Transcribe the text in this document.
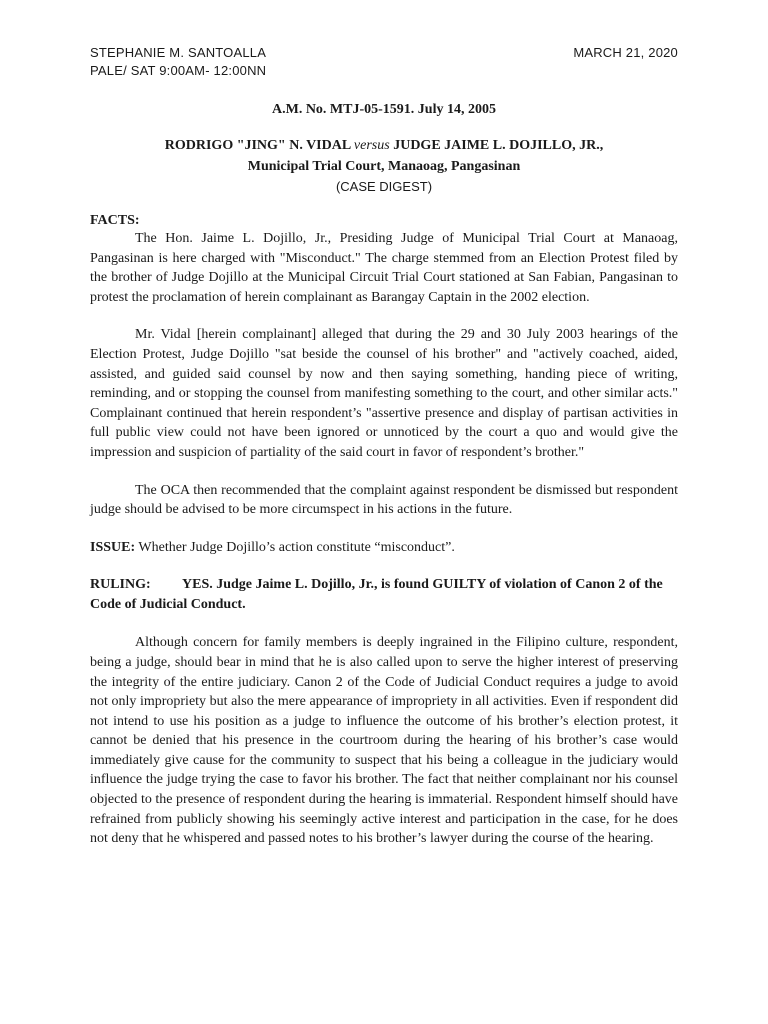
STEPHANIE M. SANTOALLA
PALE/ SAT 9:00AM- 12:00NN
MARCH 21, 2020
A.M. No. MTJ-05-1591. July 14, 2005
RODRIGO "JING" N. VIDAL versus JUDGE JAIME L. DOJILLO, JR.,
Municipal Trial Court, Manaoag, Pangasinan
(CASE DIGEST)
FACTS:

The Hon. Jaime L. Dojillo, Jr., Presiding Judge of Municipal Trial Court at Manaoag, Pangasinan is here charged with "Misconduct." The charge stemmed from an Election Protest filed by the brother of Judge Dojillo at the Municipal Circuit Trial Court stationed at San Fabian, Pangasinan to protest the proclamation of herein complainant as Barangay Captain in the 2002 election.

Mr. Vidal [herein complainant] alleged that during the 29 and 30 July 2003 hearings of the Election Protest, Judge Dojillo "sat beside the counsel of his brother" and "actively coached, aided, assisted, and guided said counsel by now and then saying something, handing piece of writing, reminding, and or stopping the counsel from manifesting something to the court, and other similar acts." Complainant continued that herein respondent’s "assertive presence and display of partisan activities in full public view could not have been ignored or unnoticed by the court a quo and would give the impression and suspicion of partiality of the said court in favor of respondent’s brother."

The OCA then recommended that the complaint against respondent be dismissed but respondent judge should be advised to be more circumspect in his actions in the future.

ISSUE: Whether Judge Dojillo’s action constitute “misconduct”.
RULING: YES. Judge Jaime L. Dojillo, Jr., is found GUILTY of violation of Canon 2 of the Code of Judicial Conduct.

Although concern for family members is deeply ingrained in the Filipino culture, respondent, being a judge, should bear in mind that he is also called upon to serve the higher interest of preserving the integrity of the entire judiciary. Canon 2 of the Code of Judicial Conduct requires a judge to avoid not only impropriety but also the mere appearance of impropriety in all activities. Even if respondent did not intend to use his position as a judge to influence the outcome of his brother’s election protest, it cannot be denied that his presence in the courtroom during the hearing of his brother’s case would immediately give cause for the community to suspect that his being a colleague in the judiciary would influence the judge trying the case to favor his brother. The fact that neither complainant nor his counsel objected to the presence of respondent during the hearing is immaterial. Respondent himself should have refrained from publicly showing his seemingly active interest and participation in the case, for he does not deny that he whispered and passed notes to his brother’s lawyer during the course of the hearing.
